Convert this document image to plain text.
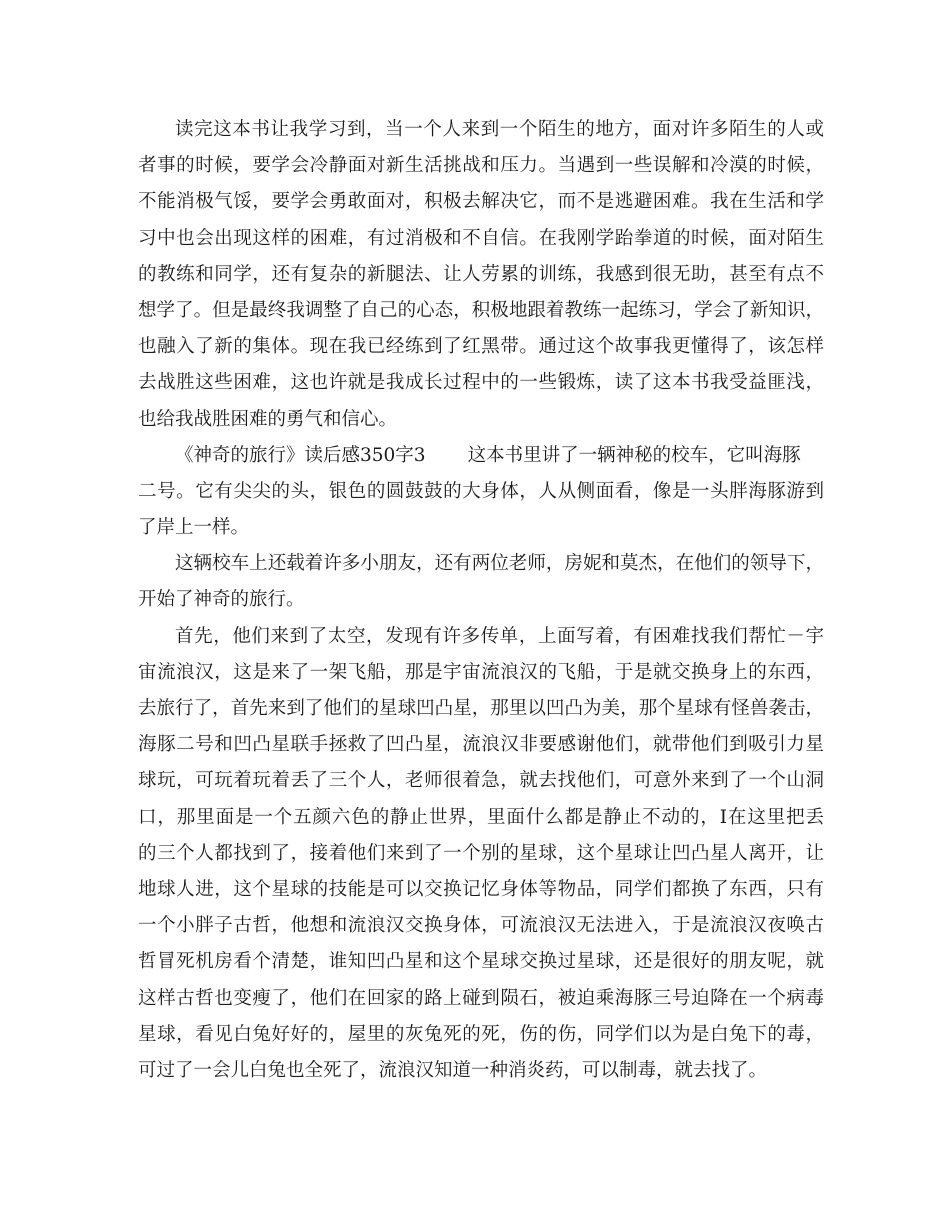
读完这本书让我学习到，当一个人来到一个陌生的地方，面对许多陌生的人或
者事的时候，要学会冷静面对新生活挑战和压力。当遇到一些误解和冷漠的时候，
不能消极气馁，要学会勇敢面对，积极去解决它，而不是逃避困难。我在生活和学
习中也会出现这样的困难，有过消极和不自信。在我刚学跆拳道的时候，面对陌生
的教练和同学，还有复杂的新腿法、让人劳累的训练，我感到很无助，甚至有点不
想学了。但是最终我调整了自己的心态，积极地跟着教练一起练习，学会了新知识，
也融入了新的集体。现在我已经练到了红黑带。通过这个故事我更懂得了，该怎样
去战胜这些困难，这也许就是我成长过程中的一些锻炼，读了这本书我受益匪浅，
也给我战胜困难的勇气和信心。
《神奇的旅行》读后感350字3 这本书里讲了一辆神秘的校车，它叫海豚
二号。它有尖尖的头，银色的圆鼓鼓的大身体，人从侧面看，像是一头胖海豚游到
了岸上一样。
这辆校车上还载着许多小朋友，还有两位老师，房妮和莫杰，在他们的领导下，
开始了神奇的旅行。
首先，他们来到了太空，发现有许多传单，上面写着，有困难找我们帮忙－宇
宙流浪汉，这是来了一架飞船，那是宇宙流浪汉的飞船，于是就交换身上的东西，
去旅行了，首先来到了他们的星球凹凸星，那里以凹凸为美，那个星球有怪兽袭击，
海豚二号和凹凸星联手拯救了凹凸星，流浪汉非要感谢他们，就带他们到吸引力星
球玩，可玩着玩着丢了三个人，老师很着急，就去找他们，可意外来到了一个山洞
口，那里面是一个五颜六色的静止世界，里面什么都是静止不动的，I在这里把丢
的三个人都找到了，接着他们来到了一个别的星球，这个星球让凹凸星人离开，让
地球人进，这个星球的技能是可以交换记忆身体等物品，同学们都换了东西，只有
一个小胖子古哲，他想和流浪汉交换身体，可流浪汉无法进入，于是流浪汉夜唤古
哲冒死机房看个清楚，谁知凹凸星和这个星球交换过星球，还是很好的朋友呢，就
这样古哲也变瘦了，他们在回家的路上碰到陨石，被迫乘海豚三号迫降在一个病毒
星球，看见白兔好好的，屋里的灰兔死的死，伤的伤，同学们以为是白兔下的毒，
可过了一会儿白兔也全死了，流浪汉知道一种消炎药，可以制毒，就去找了。
